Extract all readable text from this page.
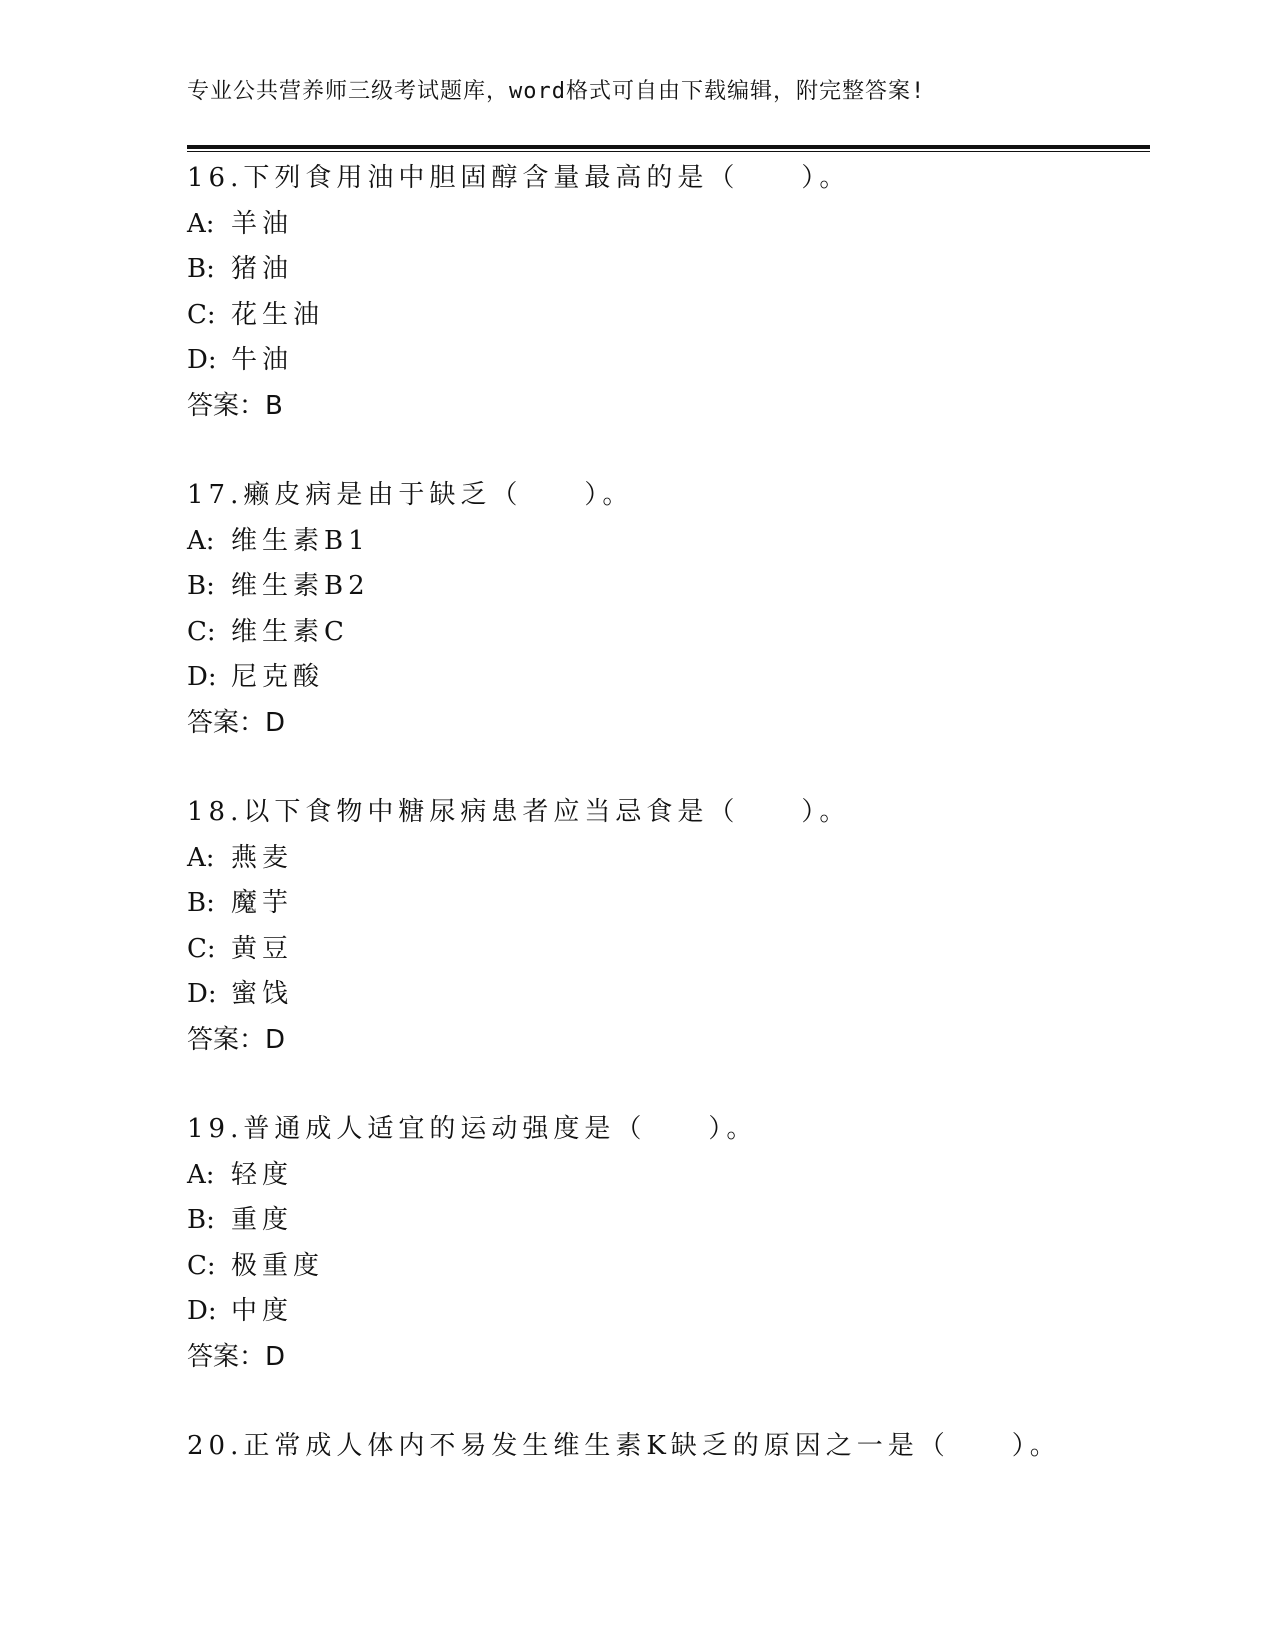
专业公共营养师三级考试题库，word格式可自由下载编辑，附完整答案!
16.下列食用油中胆固醇含量最高的是（　　）。
A: 羊油
B: 猪油
C: 花生油
D: 牛油
答案：B
17.癞皮病是由于缺乏（　　）。
A: 维生素B1
B: 维生素B2
C: 维生素C
D: 尼克酸
答案：D
18.以下食物中糖尿病患者应当忌食是（　　）。
A: 燕麦
B: 魔芋
C: 黄豆
D: 蜜饯
答案：D
19.普通成人适宜的运动强度是（　　）。
A: 轻度
B: 重度
C: 极重度
D: 中度
答案：D
20.正常成人体内不易发生维生素K缺乏的原因之一是（　　）。
